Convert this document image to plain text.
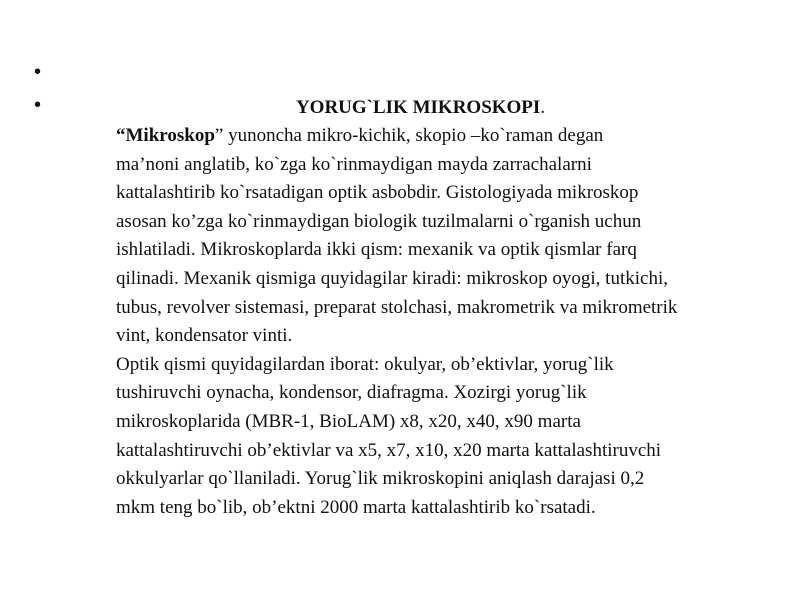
•
•	YORUG`LIK MIKROSKOPI.

“Mikroskop” yunoncha mikro-kichik, skopio –ko`raman degan
ma’noni anglatib, ko`zga ko`rinmaydigan mayda zarrachalarni
kattalashtirib ko`rsatadigan optik asbobdir. Gistologiyada mikroskop
asosan ko’zga ko`rinmaydigan biologik tuzilmalarni o`rganish uchun
ishlatiladi. Mikroskoplarda ikki qism: mexanik va optik qismlar farq
qilinadi. Mexanik qismiga quyidagilar kiradi: mikroskop oyogi, tutkichi,
tubus, revolver sistemasi, preparat stolchasi, makrometrik va mikrometrik
vint, kondensator vinti.

Optik qismi quyidagilardan iborat: okulyar, ob’ektivlar, yorug`lik
tushiruvchi oynacha, kondensor, diafragma. Xozirgi yorug`lik
mikroskoplarida (MBR-1, BioLAM) x8, x20, x40, x90 marta
kattalashtiruvchi ob’ektivlar va x5, x7, x10, x20 marta kattalashtiruvchi
okkulyarlar qo`llaniladi. Yorug`lik mikroskopini aniqlash darajasi 0,2
mkm teng bo`lib, ob’ektni 2000 marta kattalashtirib ko`rsatadi.
